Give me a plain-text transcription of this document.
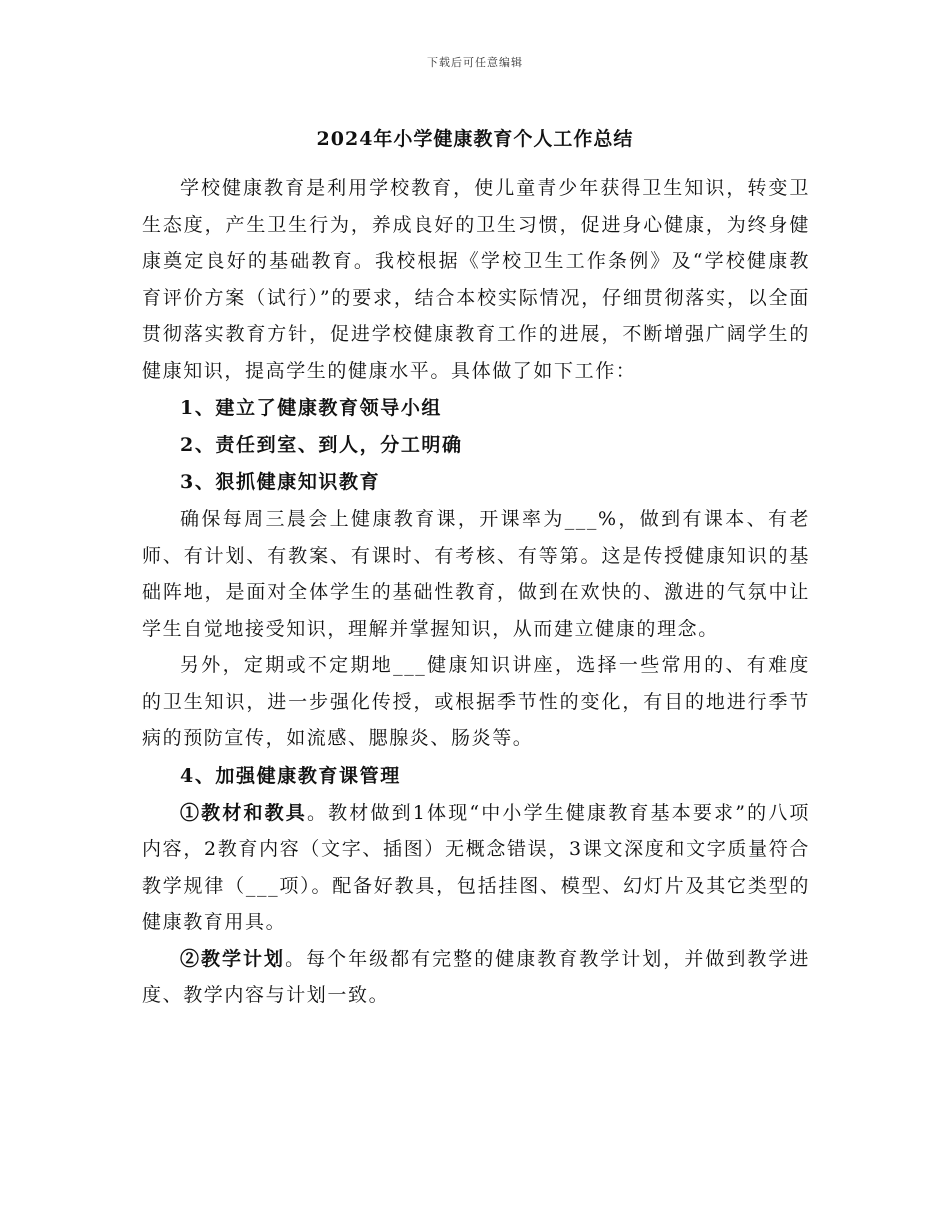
下载后可任意编辑
2024年小学健康教育个人工作总结

学校健康教育是利用学校教育，使儿童青少年获得卫生知识，转变卫生态度，产生卫生行为，养成良好的卫生习惯，促进身心健康，为终身健康奠定良好的基础教育。我校根据《学校卫生工作条例》及“学校健康教育评价方案（试行）”的要求，结合本校实际情况，仔细贯彻落实，以全面贯彻落实教育方针，促进学校健康教育工作的进展，不断增强广阔学生的健康知识，提高学生的健康水平。具体做了如下工作：

1、建立了健康教育领导小组

2、责任到室、到人，分工明确

3、狠抓健康知识教育

确保每周三晨会上健康教育课，开课率为___%，做到有课本、有老师、有计划、有教案、有课时、有考核、有等第。这是传授健康知识的基础阵地，是面对全体学生的基础性教育，做到在欢快的、激进的气氛中让学生自觉地接受知识，理解并掌握知识，从而建立健康的理念。

另外，定期或不定期地___健康知识讲座，选择一些常用的、有难度的卫生知识，进一步强化传授，或根据季节性的变化，有目的地进行季节病的预防宣传，如流感、腮腺炎、肠炎等。

4、加强健康教育课管理

①教材和教具。教材做到1体现“中小学生健康教育基本要求”的八项内容，2教育内容（文字、插图）无概念错误，3课文深度和文字质量符合教学规律（___项）。配备好教具，包括挂图、模型、幻灯片及其它类型的健康教育用具。

②教学计划。每个年级都有完整的健康教育教学计划，并做到教学进度、教学内容与计划一致。
